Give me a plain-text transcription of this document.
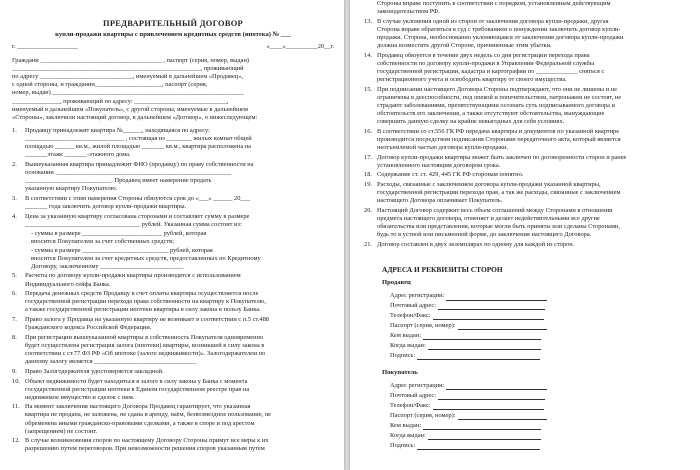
ПРЕДВАРИТЕЛЬНЫЙ ДОГОВОР
купли-продажи квартиры с привлечением кредитных средств (ипотека) № ___
г. ___________________	«____»__________20__г.
Граждани ______________________________________ , паспорт (серия, номер, выдан)
___________________________________________________________, проживающий
по адресу _____________________________, именуемый в дальнейшем «Продавец»,
с одной стороны, и гражданин_____________________, паспорт (серия,
номер, выдан) ____________________________________________________________
_______________, проживающий по адресу: _____________________________,
именуемый в дальнейшем «Покупатель», с другой стороны, именуемые в дальнейшем
«Стороны», заключили настоящий договор, в дальнейшем «Договор», о нижеследующем:
1.	Продавцу принадлежит квартира №______, находящаяся по адресу:
_______________________________ , состоящая из ________ жилых комнат общей
площадью ______ кв.м., жилой площадью _______ кв.м., квартира расположена на
_______этаже _______-этажного дома.
2.	Вышеуказанная квартира принадлежит ФИО (продавцу) по праву собственности на
основании _______________________________________________________
___________________________. Продавец имеет намерение продать
указанную квартиру Покупателю.
3.	В соответствии с этим намерения Стороны обязуются срок до «___» ______ 20___
_______ года заключить договор купли-продажи квартиры.
4.	Цена за указанную квартиру согласована сторонами и составляет сумму в размере
____________________________________ рублей. Указанная сумма состоит из:
- суммы в размере _________________________ рублей, которая
вносится Покупателем за счет собственных средств;
- суммы в размере ___________________________ рублей, которая
вносится Покупателем за счет кредитных средств, предоставленных по Кредитному
Договору, заключенному __________________________
5.	Расчеты по договору купли-продажи квартиры производятся с использованием
Индивидуального сейфа Банка.
6.	Передача денежных средств Продавцу в счет оплаты квартиры осуществляется после
государственной регистрации перехода права собственности на квартиру к Покупателю,
а также государственной регистрации ипотеки квартиры в силу закона в пользу Банка.
7.	Право залога у Продавца на указанную квартиру не возникает в соответствии с п.5 ст.488
Гражданского кодекса Российской Федерации.
8.	При регистрации вышеуказанной квартиры в собственность Покупателя одновременно
будет осуществлена регистрация залога (ипотеки) квартиры, возникшей в силу закона в
соответствии с ст.77 ФЗ РФ «Об ипотеке (залоге недвижимости)». Залогодержателем по
данному залогу является ________________________________
9.	Право Залогодержателя удостоверяется закладной.
10. Объект недвижимости будет находиться в залоге в силу закона у Банка с момента
государственной регистрации ипотеки в Едином государственном реестре прав на
недвижимое имущество и сделок с ним.
11. На момент заключения настоящего Договора Продавец гарантирует, что указанная
квартира не продана, не заложена, не сдана в аренду, наём, безвозмездное пользование, не
обременена иными гражданско-правовыми сделками, а также в споре и под арестом
(запрещением) не состоит.
12. В случае возникновения споров по настоящему Договору Стороны примут все меры к их
разрешению путем переговоров. При невозможности решения споров указанным путем
Стороны вправе поступить в соответствии с порядком, установленным действующим
законодательством РФ.
13. В случае уклонения одной из сторон от заключения договора купли-продажи, другая
Сторона вправе обратиться в суд с требованием о понуждении заключить договор купли-
продажи. Сторона, необоснованно уклоняющаяся от заключения договора купли-продажи
должна возместить другой Стороне, причиненные этим убытки.
14. Продавец обязуется в течение двух недель со дня регистрации перехода права
собственности по договору купли-продажи в Управлении Федеральной службы
государственной регистрации, кадастра и картографии по _____________ сняться с
регистрационного учета и освободить квартиру от своего имущества.
15. При подписании настоящего Договора Стороны подтверждают, что они не лишены и не
ограничены в дееспособности, под опекой и попечительством, патронажем не состоят, не
страдают заболеваниями, препятствующими осознать суть подписываемого договора и
обстоятельств его заключения, а также отсутствуют обстоятельства, вынуждающие
совершить данную сделку на крайне невыгодных для себя условиях.
16. В соответствии со ст.556 ГК РФ передача квартиры и документов по указанной квартире
производится посредством подписания Сторонами передаточного акта, который является
неотъемлемой частью договора купли-продажи.
17. Договор купли-продажи квартиры может быть заключен по договоренности сторон и ранее
установленного настоящим договором срока.
18. Содержание ст. ст. 429, 445 ГК РФ сторонам понятно.
19. Расходы, связанные с заключением договора купли-продажи указанной квартиры,
государственной регистрации перехода прав, а так же расходы, связанные с заключением
настоящего Договора оплачивает Покупатель.
20. Настоящий Договор содержит весь объем соглашений между Сторонами в отношении
предмета настоящего договора, отменяет и делает недействительными все другие
обязательства или представления, которые могли быть приняты или сделаны Сторонами,
будь то в устной или письменной форме, до заключения настоящего Договора.
21. Договор составлен в двух экземплярах по одному для каждой из сторон.
АДРЕСА И РЕКВИЗИТЫ СТОРОН
Продавец
Адрес регистрации:
Почтовый адрес:
Телефон/Факс:
Паспорт (серия, номер):
Кем выдан:
Когда выдан:
Подпись:
Покупатель
Адрес регистрации:
Почтовый адрес:
Телефон/Факс:
Паспорт (серия, номер):
Кем выдан:
Когда выдан:
Подпись:
